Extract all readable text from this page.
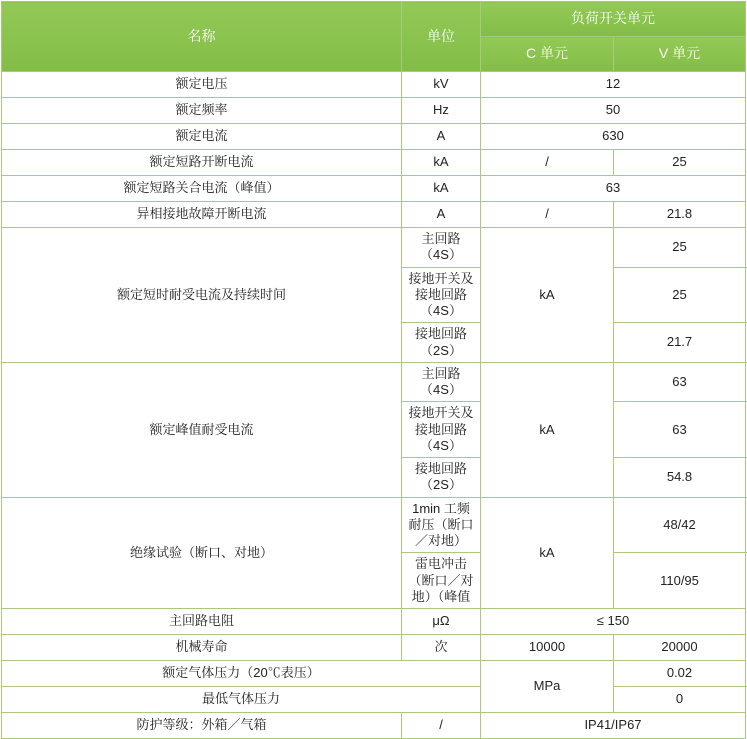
名称	单位	负荷开关单元	
		C 单元	V 单元
额定电压	kV	12	
额定频率	Hz	50	
额定电流	A	630	
额定短路开断电流	kA	/	25
额定短路关合电流（峰值）	kA	63	
异相接地故障开断电流	A	/	21.8
额定短时耐受电流及持续时间	主回路（4S）	kA	25
	接地开关及接地回路（4S）		25
	接地回路（2S）		21.7
额定峰值耐受电流	主回路（4S）	kA	63
	接地开关及接地回路（4S）		63
	接地回路（2S）		54.8
绝缘试验（断口、对地）	1min 工频耐压（断口／对地）	kA	48/42
	雷电冲击（断口／对地）（峰值		110/95
主回路电阻	μΩ	≤ 150	
机械寿命	次	10000	20000
额定气体压力（20℃表压）		MPa	0.02
最低气体压力			0
防护等级：外箱／气箱	/	IP41/IP67	
